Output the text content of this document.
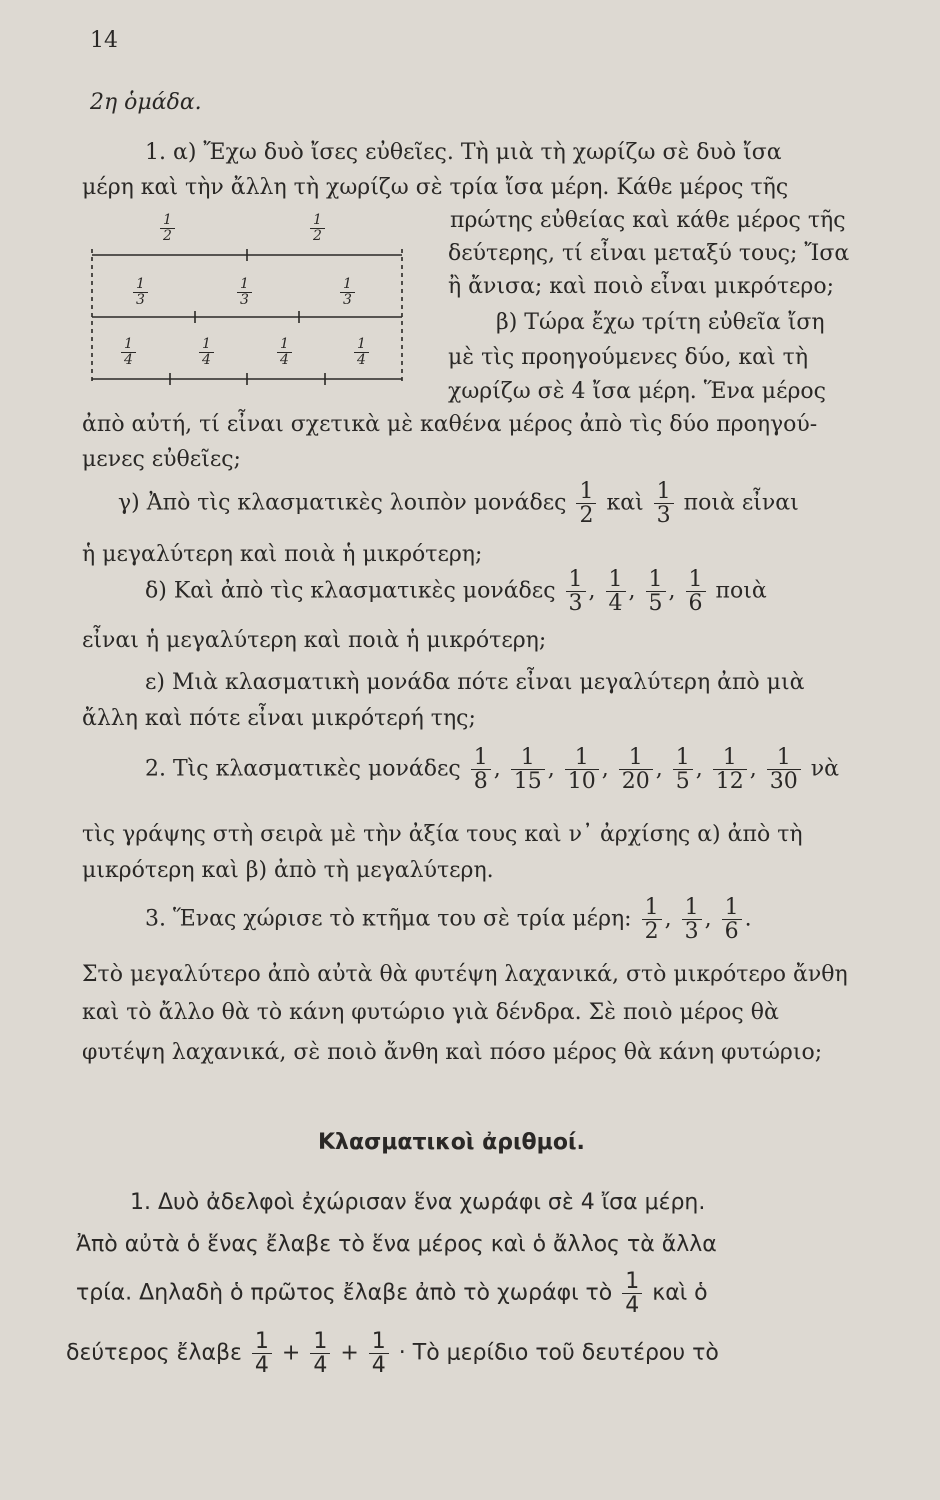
14
2η ὁμάδα.
1. α) Ἔχω δυὸ ἴσες εὐθεῖες. Τὴ μιὰ τὴ χωρίζω σὲ δυὸ ἴσα
μέρη καὶ τὴν ἄλλη τὴ χωρίζω σὲ τρία ἴσα μέρη. Κάθε μέρος τῆς
πρώτης εὐθείας καὶ κάθε μέρος τῆς
δεύτερης, τί εἶναι μεταξύ τους; Ἴσα
ἢ ἄνισα; καὶ ποιὸ εἶναι μικρότερο;
β) Τώρα ἔχω τρίτη εὐθεῖα ἴση
μὲ τὶς προηγούμενες δύο, καὶ τὴ
χωρίζω σὲ 4 ἴσα μέρη. Ἕνα μέρος
ἀπὸ αὐτή, τί εἶναι σχετικὰ μὲ καθένα μέρος ἀπὸ τὶς δύο προηγού-
μενες εὐθεῖες;
$\frac{1}{2}$	$\frac{1}{2}$
$\frac{1}{3}$	$\frac{1}{3}$	$\frac{1}{3}$
$\frac{1}{4}$	$\frac{1}{4}$	$\frac{1}{4}$	$\frac{1}{4}$
γ) Ἀπὸ τὶς κλασματικὲς λοιπὸν μονάδες $\frac{1}{2}$ καὶ $\frac{1}{3}$ ποιὰ εἶναι
ἡ μεγαλύτερη καὶ ποιὰ ἡ μικρότερη;
δ) Καὶ ἀπὸ τὶς κλασματικὲς μονάδες $\frac{1}{3}$ , $\frac{1}{4}$ , $\frac{1}{5}$ , $\frac{1}{6}$ ποιὰ
εἶναι ἡ μεγαλύτερη καὶ ποιὰ ἡ μικρότερη;
ε) Μιὰ κλασματικὴ μονάδα πότε εἶναι μεγαλύτερη ἀπὸ μιὰ
ἄλλη καὶ πότε εἶναι μικρότερή της;
2. Τὶς κλασματικὲς μονάδες $\frac{1}{8}$ , $\frac{1}{15}$ , $\frac{1}{10}$ , $\frac{1}{20}$ , $\frac{1}{5}$ , $\frac{1}{12}$ , $\frac{1}{30}$ νὰ
τὶς γράψης στὴ σειρὰ μὲ τὴν ἀξία τους καὶ ν᾿ ἀρχίσης α) ἀπὸ τὴ
μικρότερη καὶ β) ἀπὸ τὴ μεγαλύτερη.
3. Ἕνας χώρισε τὸ κτῆμα του σὲ τρία μέρη: $\frac{1}{2}$ , $\frac{1}{3}$ , $\frac{1}{6}$ .
Στὸ μεγαλύτερο ἀπὸ αὐτὰ θὰ φυτέψη λαχανικά, στὸ μικρότερο ἄνθη
καὶ τὸ ἄλλο θὰ τὸ κάνη φυτώριο γιὰ δένδρα. Σὲ ποιὸ μέρος θὰ
φυτέψη λαχανικά, σὲ ποιὸ ἄνθη καὶ πόσο μέρος θὰ κάνη φυτώριο;
Κλασματικοὶ ἀριθμοί.
1. Δυὸ ἀδελφοὶ ἐχώρισαν ἕνα χωράφι σὲ 4 ἴσα μέρη.
Ἀπὸ αὐτὰ ὁ ἕνας ἔλαβε τὸ ἕνα μέρος καὶ ὁ ἄλλος τὰ ἄλλα
τρία. Δηλαδὴ ὁ πρῶτος ἔλαβε ἀπὸ τὸ χωράφι τὸ $\frac{1}{4}$ καὶ ὁ
δεύτερος ἔλαβε $\frac{1}{4} + \frac{1}{4} + \frac{1}{4}$ · Τὸ μερίδιο τοῦ δευτέρου τὸ
